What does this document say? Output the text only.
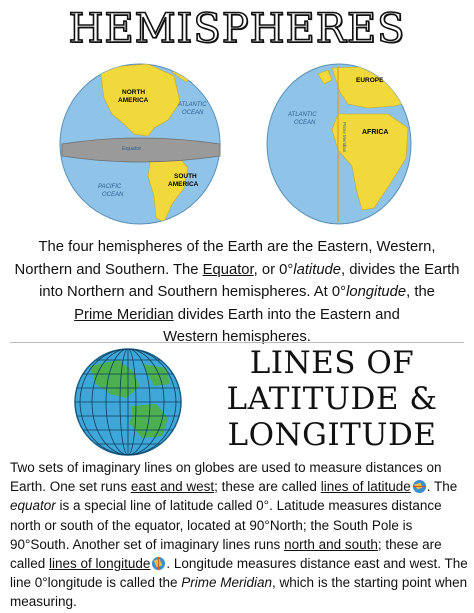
HEMISPHERES
NORTH
AMERICA
ATLANTIC
OCEAN
SOUTH
AMERICA
PACIFIC
OCEAN
Equator
EUROPE
ATLANTIC
OCEAN
AFRICA
Prime Meridian
The four hemispheres of the Earth are the Eastern, Western,
Northern and Southern. The Equator, or 0°latitude, divides the Earth
into Northern and Southern hemispheres. At 0°longitude, the
Prime Meridian divides Earth into the Eastern and
Western hemispheres.
LINES OF
LATITUDE &
LONGITUDE
Two sets of imaginary lines on globes are used to measure distances on Earth. One set runs east and west; these are called lines of latitude . The equator is a special line of latitude called 0°. Latitude measures distance north or south of the equator, located at 90°North; the South Pole is 90°South. Another set of imaginary lines runs north and south; these are called lines of longitude . Longitude measures distance east and west. The line 0°longitude is called the Prime Meridian, which is the starting point when measuring.
